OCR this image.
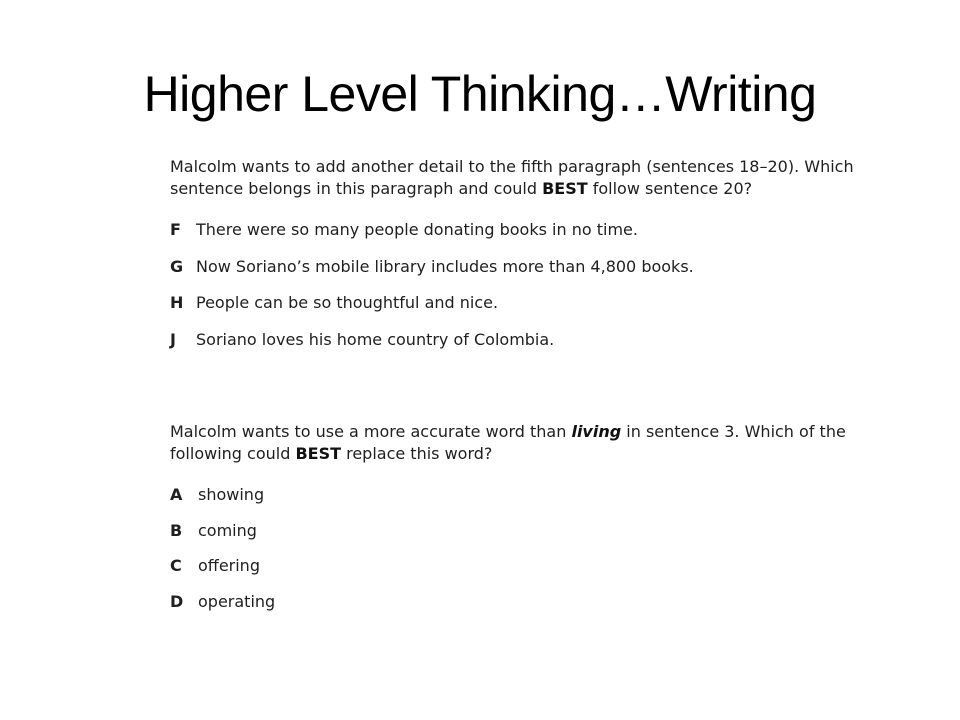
Higher Level Thinking…Writing

Malcolm wants to add another detail to the fifth paragraph (sentences 18–20). Which sentence belongs in this paragraph and could BEST follow sentence 20?

F There were so many people donating books in no time.
G Now Soriano’s mobile library includes more than 4,800 books.
H People can be so thoughtful and nice.
J	Soriano loves his home country of Colombia.

Malcolm wants to use a more accurate word than living in sentence 3. Which of the following could BEST replace this word?

A showing
B coming
C	offering
D operating
